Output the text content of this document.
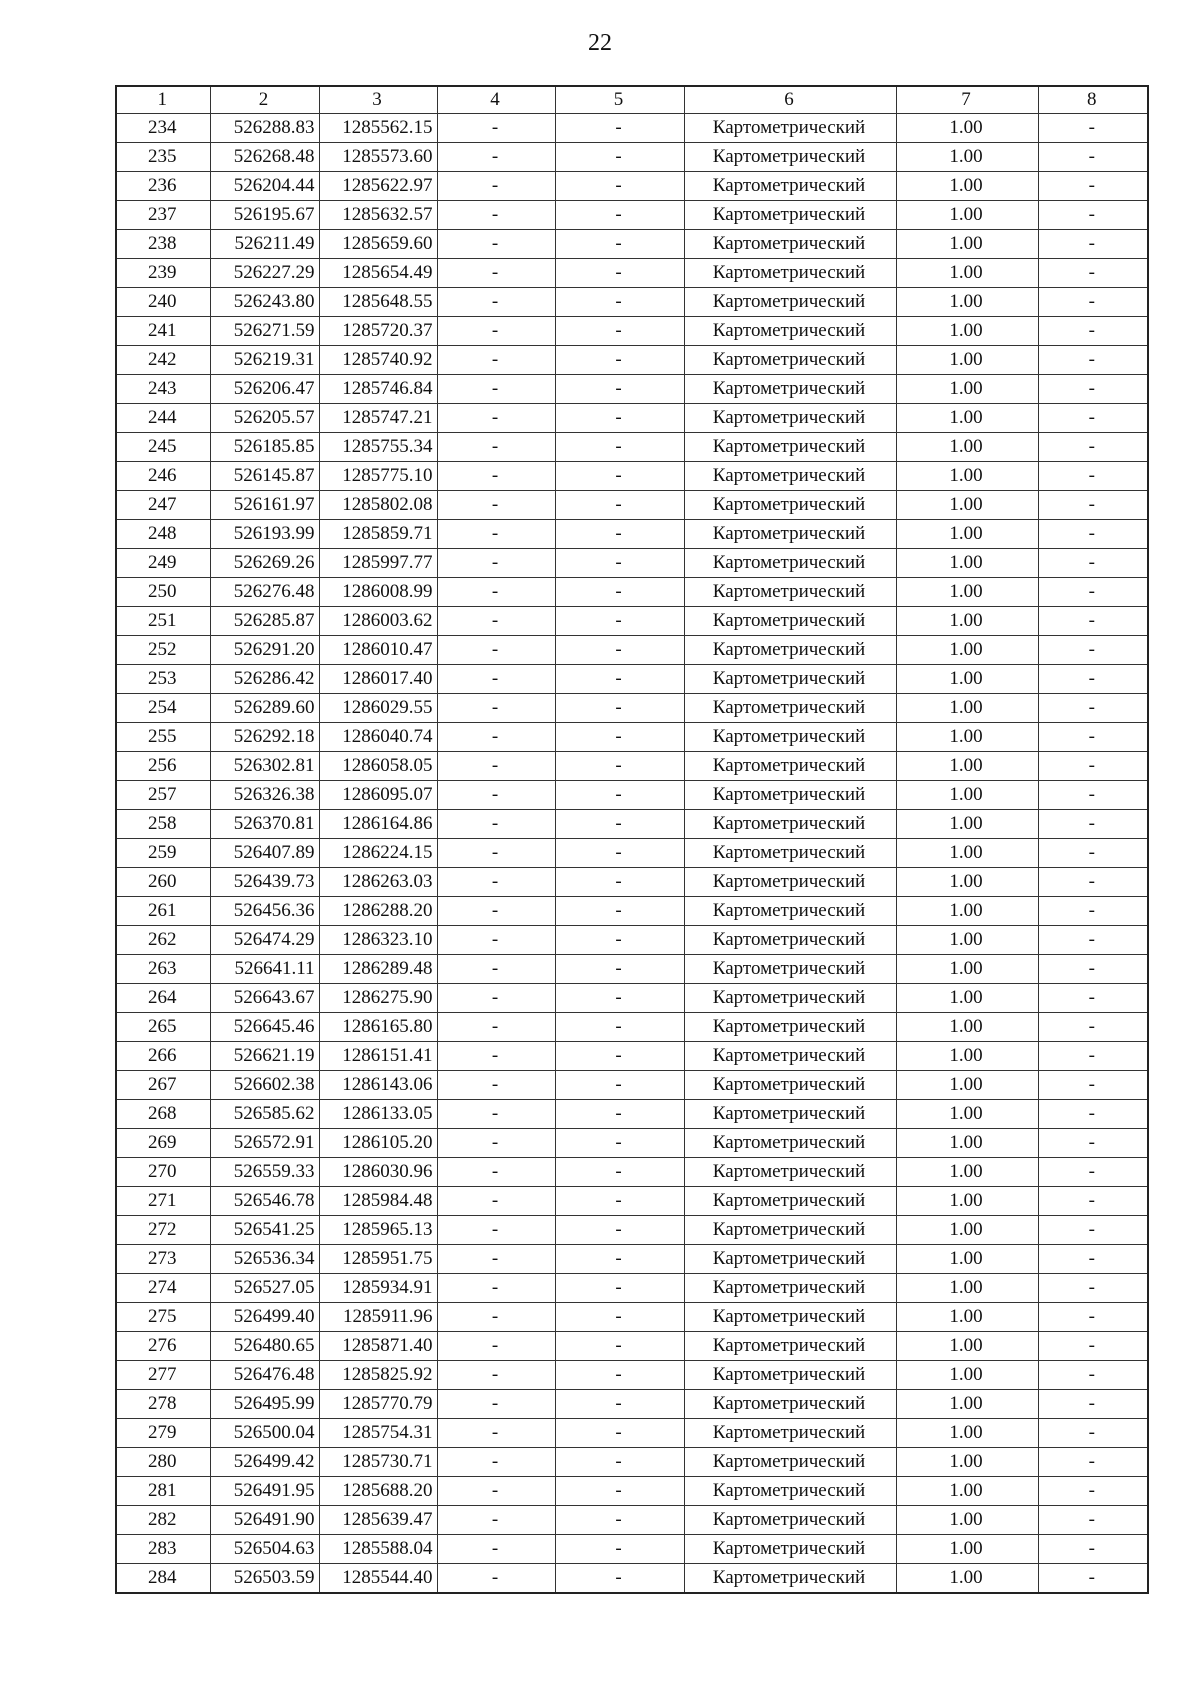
22
1	2	3	4	5	6	7	8
234	526288.83	1285562.15	-	-	Картометрический	1.00	-
235	526268.48	1285573.60	-	-	Картометрический	1.00	-
236	526204.44	1285622.97	-	-	Картометрический	1.00	-
237	526195.67	1285632.57	-	-	Картометрический	1.00	-
238	526211.49	1285659.60	-	-	Картометрический	1.00	-
239	526227.29	1285654.49	-	-	Картометрический	1.00	-
240	526243.80	1285648.55	-	-	Картометрический	1.00	-
241	526271.59	1285720.37	-	-	Картометрический	1.00	-
242	526219.31	1285740.92	-	-	Картометрический	1.00	-
243	526206.47	1285746.84	-	-	Картометрический	1.00	-
244	526205.57	1285747.21	-	-	Картометрический	1.00	-
245	526185.85	1285755.34	-	-	Картометрический	1.00	-
246	526145.87	1285775.10	-	-	Картометрический	1.00	-
247	526161.97	1285802.08	-	-	Картометрический	1.00	-
248	526193.99	1285859.71	-	-	Картометрический	1.00	-
249	526269.26	1285997.77	-	-	Картометрический	1.00	-
250	526276.48	1286008.99	-	-	Картометрический	1.00	-
251	526285.87	1286003.62	-	-	Картометрический	1.00	-
252	526291.20	1286010.47	-	-	Картометрический	1.00	-
253	526286.42	1286017.40	-	-	Картометрический	1.00	-
254	526289.60	1286029.55	-	-	Картометрический	1.00	-
255	526292.18	1286040.74	-	-	Картометрический	1.00	-
256	526302.81	1286058.05	-	-	Картометрический	1.00	-
257	526326.38	1286095.07	-	-	Картометрический	1.00	-
258	526370.81	1286164.86	-	-	Картометрический	1.00	-
259	526407.89	1286224.15	-	-	Картометрический	1.00	-
260	526439.73	1286263.03	-	-	Картометрический	1.00	-
261	526456.36	1286288.20	-	-	Картометрический	1.00	-
262	526474.29	1286323.10	-	-	Картометрический	1.00	-
263	526641.11	1286289.48	-	-	Картометрический	1.00	-
264	526643.67	1286275.90	-	-	Картометрический	1.00	-
265	526645.46	1286165.80	-	-	Картометрический	1.00	-
266	526621.19	1286151.41	-	-	Картометрический	1.00	-
267	526602.38	1286143.06	-	-	Картометрический	1.00	-
268	526585.62	1286133.05	-	-	Картометрический	1.00	-
269	526572.91	1286105.20	-	-	Картометрический	1.00	-
270	526559.33	1286030.96	-	-	Картометрический	1.00	-
271	526546.78	1285984.48	-	-	Картометрический	1.00	-
272	526541.25	1285965.13	-	-	Картометрический	1.00	-
273	526536.34	1285951.75	-	-	Картометрический	1.00	-
274	526527.05	1285934.91	-	-	Картометрический	1.00	-
275	526499.40	1285911.96	-	-	Картометрический	1.00	-
276	526480.65	1285871.40	-	-	Картометрический	1.00	-
277	526476.48	1285825.92	-	-	Картометрический	1.00	-
278	526495.99	1285770.79	-	-	Картометрический	1.00	-
279	526500.04	1285754.31	-	-	Картометрический	1.00	-
280	526499.42	1285730.71	-	-	Картометрический	1.00	-
281	526491.95	1285688.20	-	-	Картометрический	1.00	-
282	526491.90	1285639.47	-	-	Картометрический	1.00	-
283	526504.63	1285588.04	-	-	Картометрический	1.00	-
284	526503.59	1285544.40	-	-	Картометрический	1.00	-
